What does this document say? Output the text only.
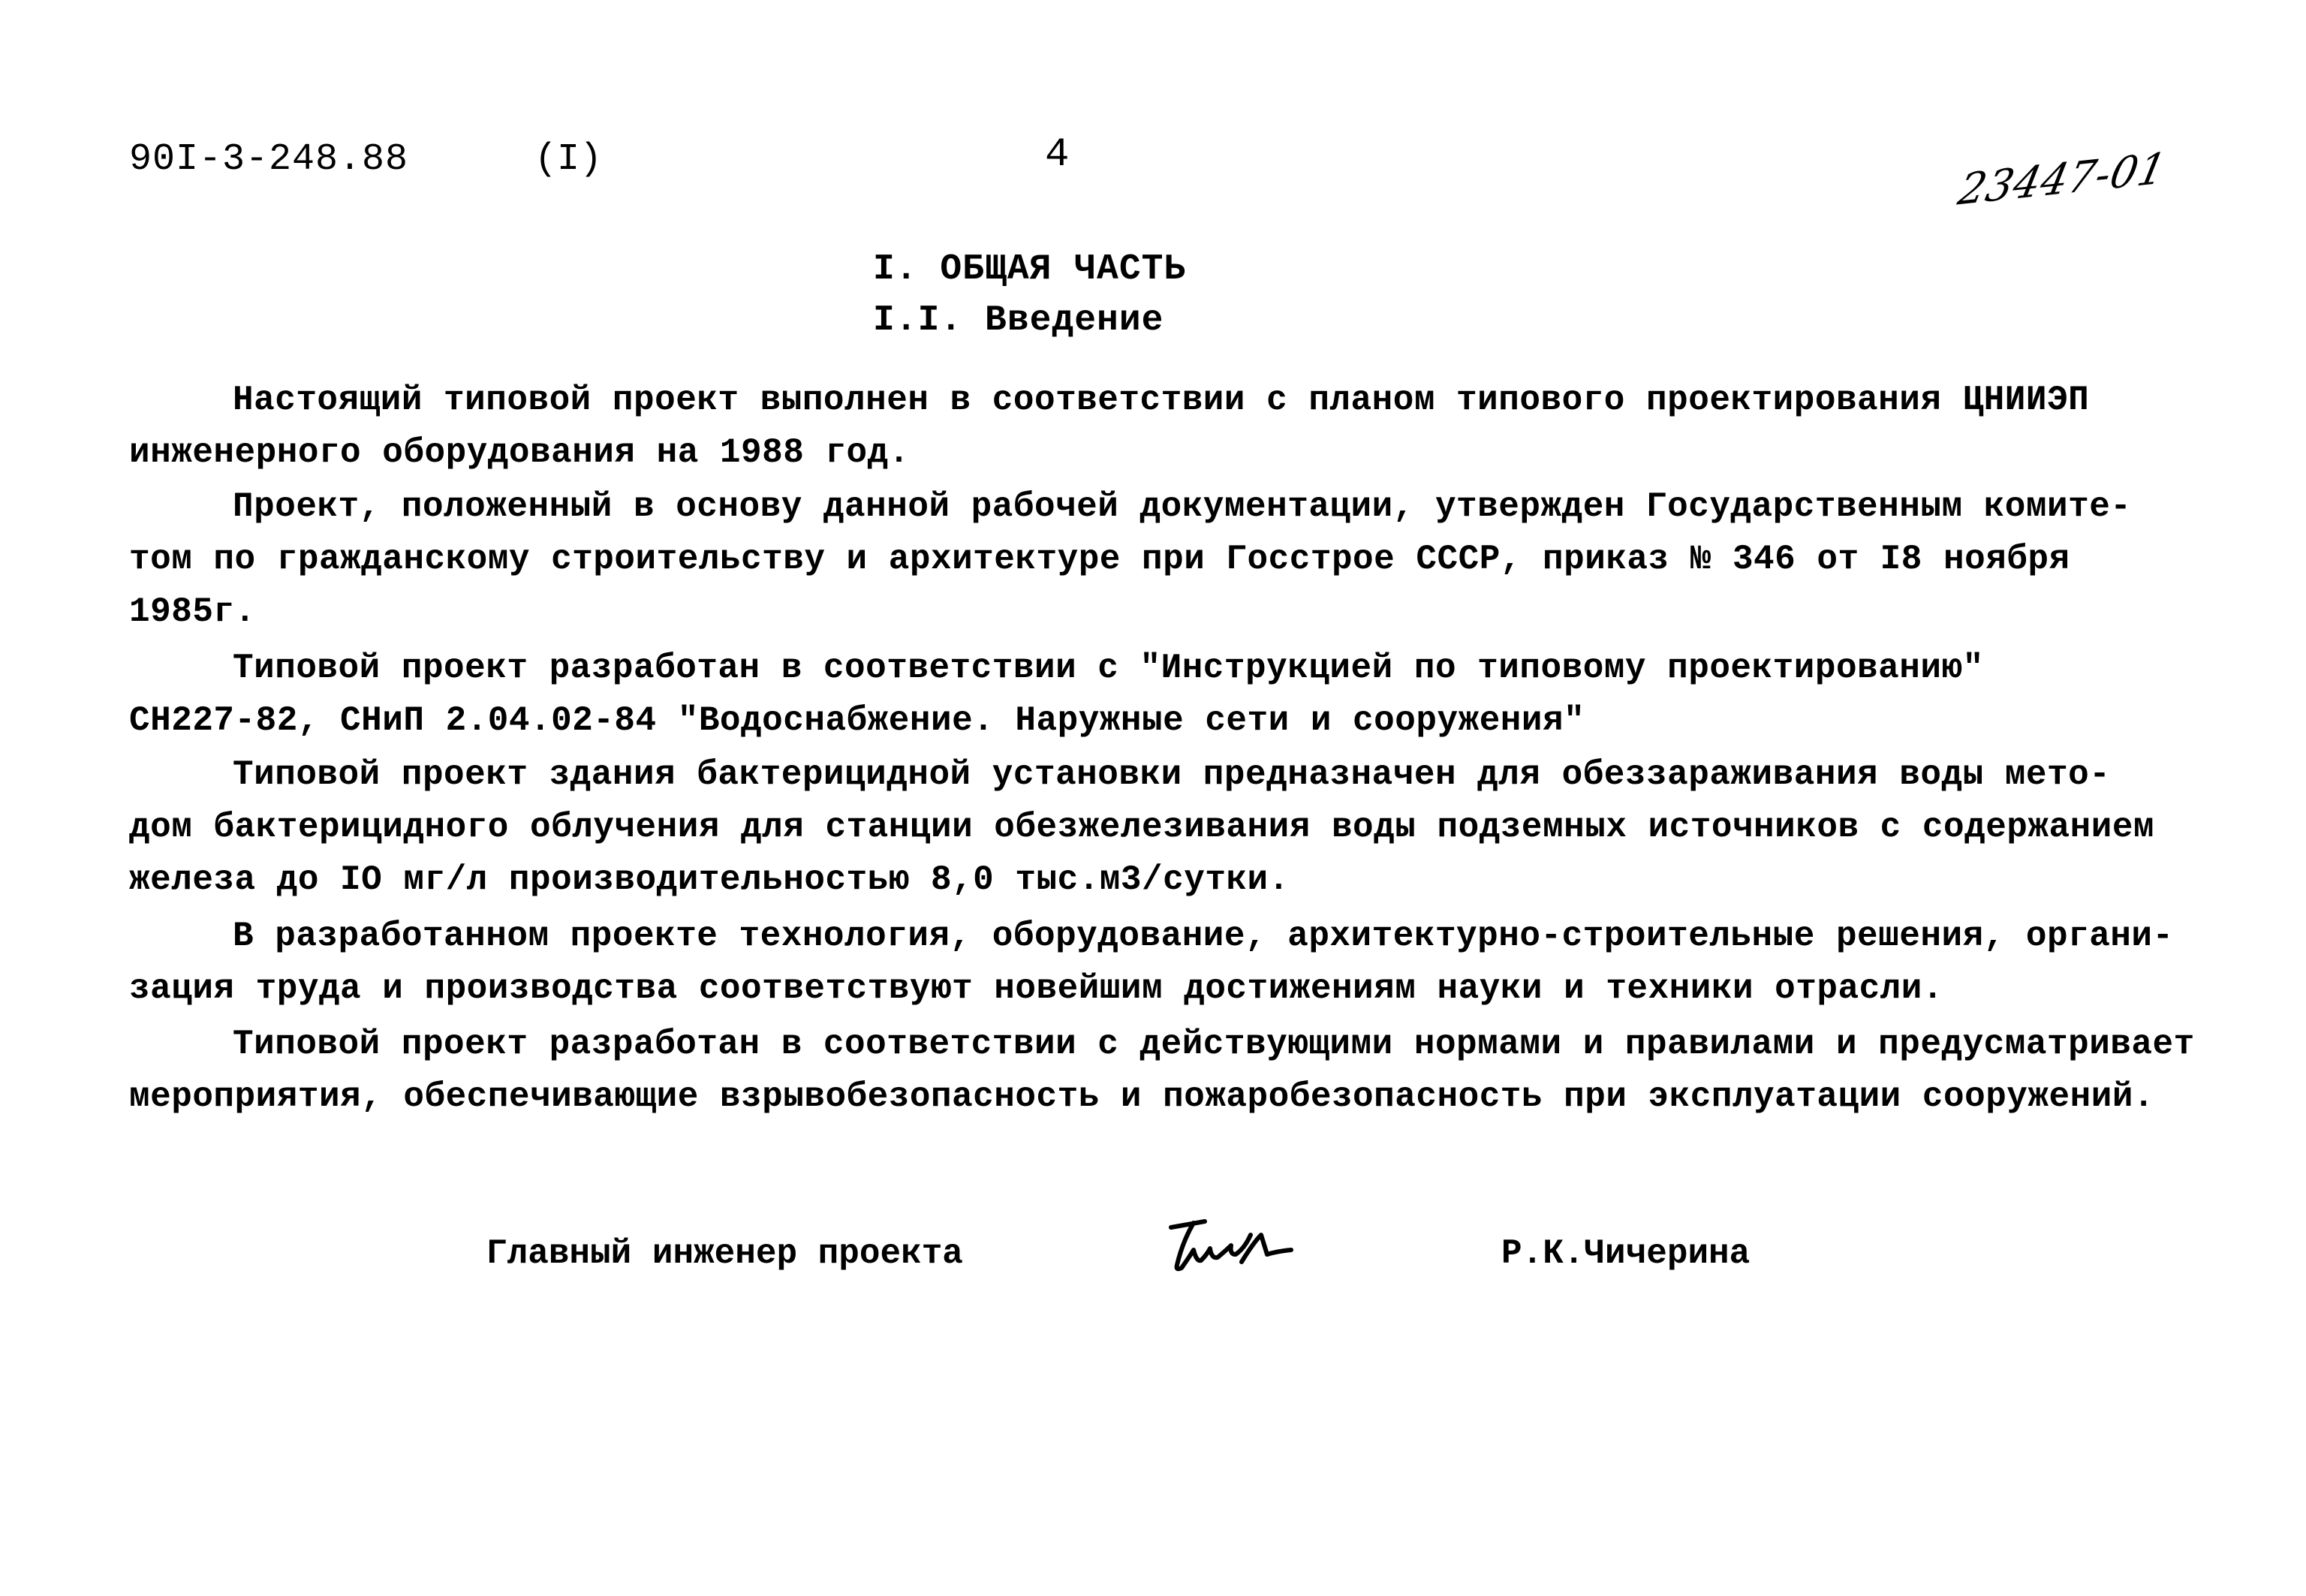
90I-3-248.88	(I)	4	23447-01
I. ОБЩАЯ ЧАСТЬ
I.I. Введение
Настоящий типовой проект выполнен в соответствии с планом типового проектирования ЦНИИЭП
инженерного оборудования на 1988 год.
Проект, положенный в основу данной рабочей документации, утвержден Государственным комите-
том по гражданскому строительству и архитектуре при Госстрое СССР, приказ № 346 от I8 ноября
1985г.
Типовой проект разработан в соответствии с "Инструкцией по типовому проектированию"
СН227-82, СНиП 2.04.02-84 "Водоснабжение. Наружные сети и сооружения"
Типовой проект здания бактерицидной установки предназначен для обеззараживания воды мето-
дом бактерицидного облучения для станции обезжелезивания воды подземных источников с содержанием
железа до IO мг/л производительностью 8,0 тыс.м3/сутки.
В разработанном проекте технология, оборудование, архитектурно-строительные решения, органи-
зация труда и производства соответствуют новейшим достижениям науки и техники отрасли.
Типовой проект разработан в соответствии с действующими нормами и правилами и предусматривает
мероприятия, обеспечивающие взрывобезопасность и пожаробезопасность при эксплуатации сооружений.
Главный инженер проекта	Р.К.Чичерина
